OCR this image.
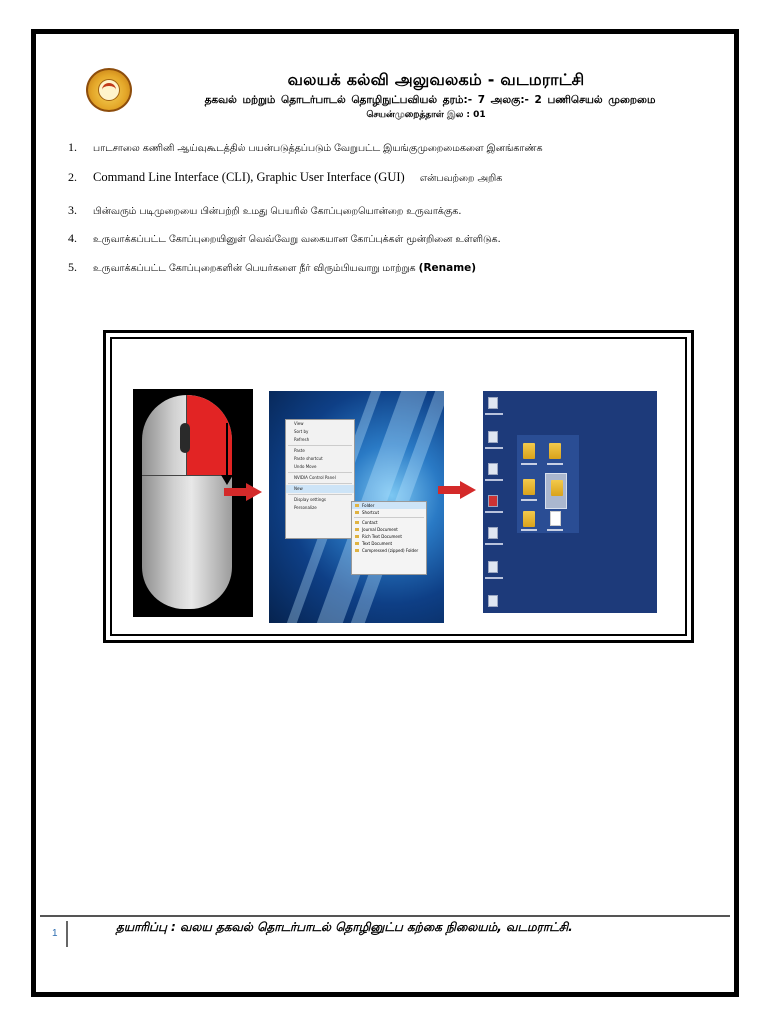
வலயக் கல்வி அலுவலகம் - வடமராட்சி
தகவல் மற்றும் தொடர்பாடல் தொழிநுட்பவியல் தரம்:- 7 அலகு:- 2 பணிசெயல் முறைமை
செயன்முறைத்தாள் இல : 01
1. பாடசாலை கணினி ஆய்வுகூடத்தில் பயன்படுத்தப்படும் வேறுபட்ட இயங்குமுறைமைகளை இனங்காண்க
2. Command Line Interface (CLI), Graphic User Interface (GUI) என்பவற்றை அறிக
3. பின்வரும் படிமுறையை பின்பற்றி உமது பெயரில் கோப்புறையொன்றை உருவாக்குக.
4. உருவாக்கப்பட்ட கோப்புறையினுள் வெவ்வேறு வகையான கோப்புக்கள் மூன்றினை உள்ளிடுக.
5. உருவாக்கப்பட்ட கோப்புறைகளின் பெயர்களை நீர் விரும்பியவாறு மாற்றுக (Rename)
View
Sort by
Refresh
Paste
Paste shortcut
Undo Move
NVIDIA Control Panel
New
Display settings
Personalize	Folder
Shortcut
Contact
Journal Document
Rich Text Document
Text Document
Compressed (zipped) Folder
1	தயாரிப்பு : வலய தகவல் தொடர்பாடல் தொழினுட்ப கற்கை நிலையம், வடமராட்சி.
